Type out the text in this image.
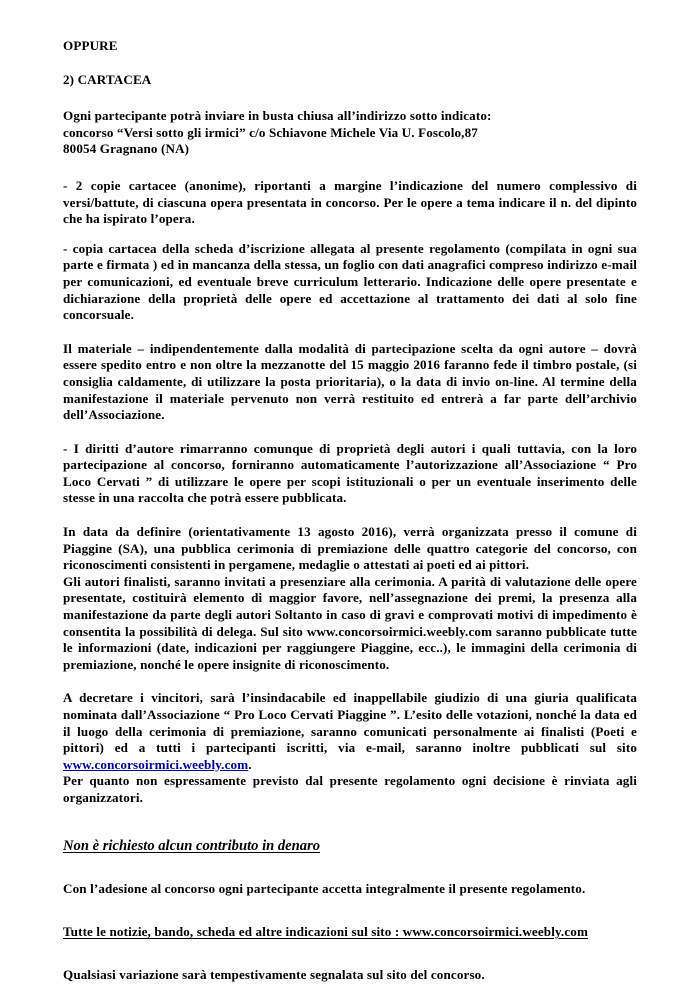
OPPURE

2) CARTACEA

Ogni partecipante potrà inviare in busta chiusa all’indirizzo sotto indicato:

concorso “Versi sotto gli irmici” c/o Schiavone Michele Via U. Foscolo,87

80054 Gragnano (NA)

- 2 copie cartacee (anonime), riportanti a margine l’indicazione del numero complessivo di versi/battute, di ciascuna opera presentata in concorso. Per le opere a tema indicare il n. del dipinto che ha ispirato l’opera.

- copia cartacea della scheda d’iscrizione allegata al presente regolamento (compilata in ogni sua parte e firmata ) ed in mancanza della stessa, un foglio con dati anagrafici compreso indirizzo e-mail per comunicazioni, ed eventuale breve curriculum letterario. Indicazione delle opere presentate e dichiarazione della proprietà delle opere ed accettazione al trattamento dei dati al solo fine concorsuale.

Il materiale – indipendentemente dalla modalità di partecipazione scelta da ogni autore – dovrà essere spedito entro e non oltre la mezzanotte del 15 maggio 2016 faranno fede il timbro postale, (si consiglia caldamente, di utilizzare la posta prioritaria), o la data di invio on-line. Al termine della manifestazione il materiale pervenuto non verrà restituito ed entrerà a far parte dell’archivio dell’Associazione.

- I diritti d’autore rimarranno comunque di proprietà degli autori i quali tuttavia, con la loro partecipazione al concorso, forniranno automaticamente l’autorizzazione all’Associazione “ Pro Loco Cervati ” di utilizzare le opere per scopi istituzionali o per un eventuale inserimento delle stesse in una raccolta che potrà essere pubblicata.

In data da definire (orientativamente 13 agosto 2016), verrà organizzata presso il comune di Piaggine (SA), una pubblica cerimonia di premiazione delle quattro categorie del concorso, con riconoscimenti consistenti in pergamene, medaglie o attestati ai poeti ed ai pittori.

Gli autori finalisti, saranno invitati a presenziare alla cerimonia. A parità di valutazione delle opere presentate, costituirà elemento di maggior favore, nell’assegnazione dei premi, la presenza alla manifestazione da parte degli autori Soltanto in caso di gravi e comprovati motivi di impedimento è consentita la possibilità di delega. Sul sito www.concorsoirmici.weebly.com saranno pubblicate tutte le informazioni (date, indicazioni per raggiungere Piaggine, ecc..), le immagini della cerimonia di premiazione, nonché le opere insignite di riconoscimento.

A decretare i vincitori, sarà l’insindacabile ed inappellabile giudizio di una giuria qualificata nominata dall’Associazione “ Pro Loco Cervati Piaggine ”. L’esito delle votazioni, nonché la data ed il luogo della cerimonia di premiazione, saranno comunicati personalmente ai finalisti (Poeti e pittori) ed a tutti i partecipanti iscritti, via e-mail, saranno inoltre pubblicati sul sito www.concorsoirmici.weebly.com.

Per quanto non espressamente previsto dal presente regolamento ogni decisione è rinviata agli organizzatori.

Non è richiesto alcun contributo in denaro

Con l’adesione al concorso ogni partecipante accetta integralmente il presente regolamento.

Tutte le notizie, bando, scheda ed altre indicazioni sul sito : www.concorsoirmici.weebly.com

Qualsiasi variazione sarà tempestivamente segnalata sul sito del concorso.
